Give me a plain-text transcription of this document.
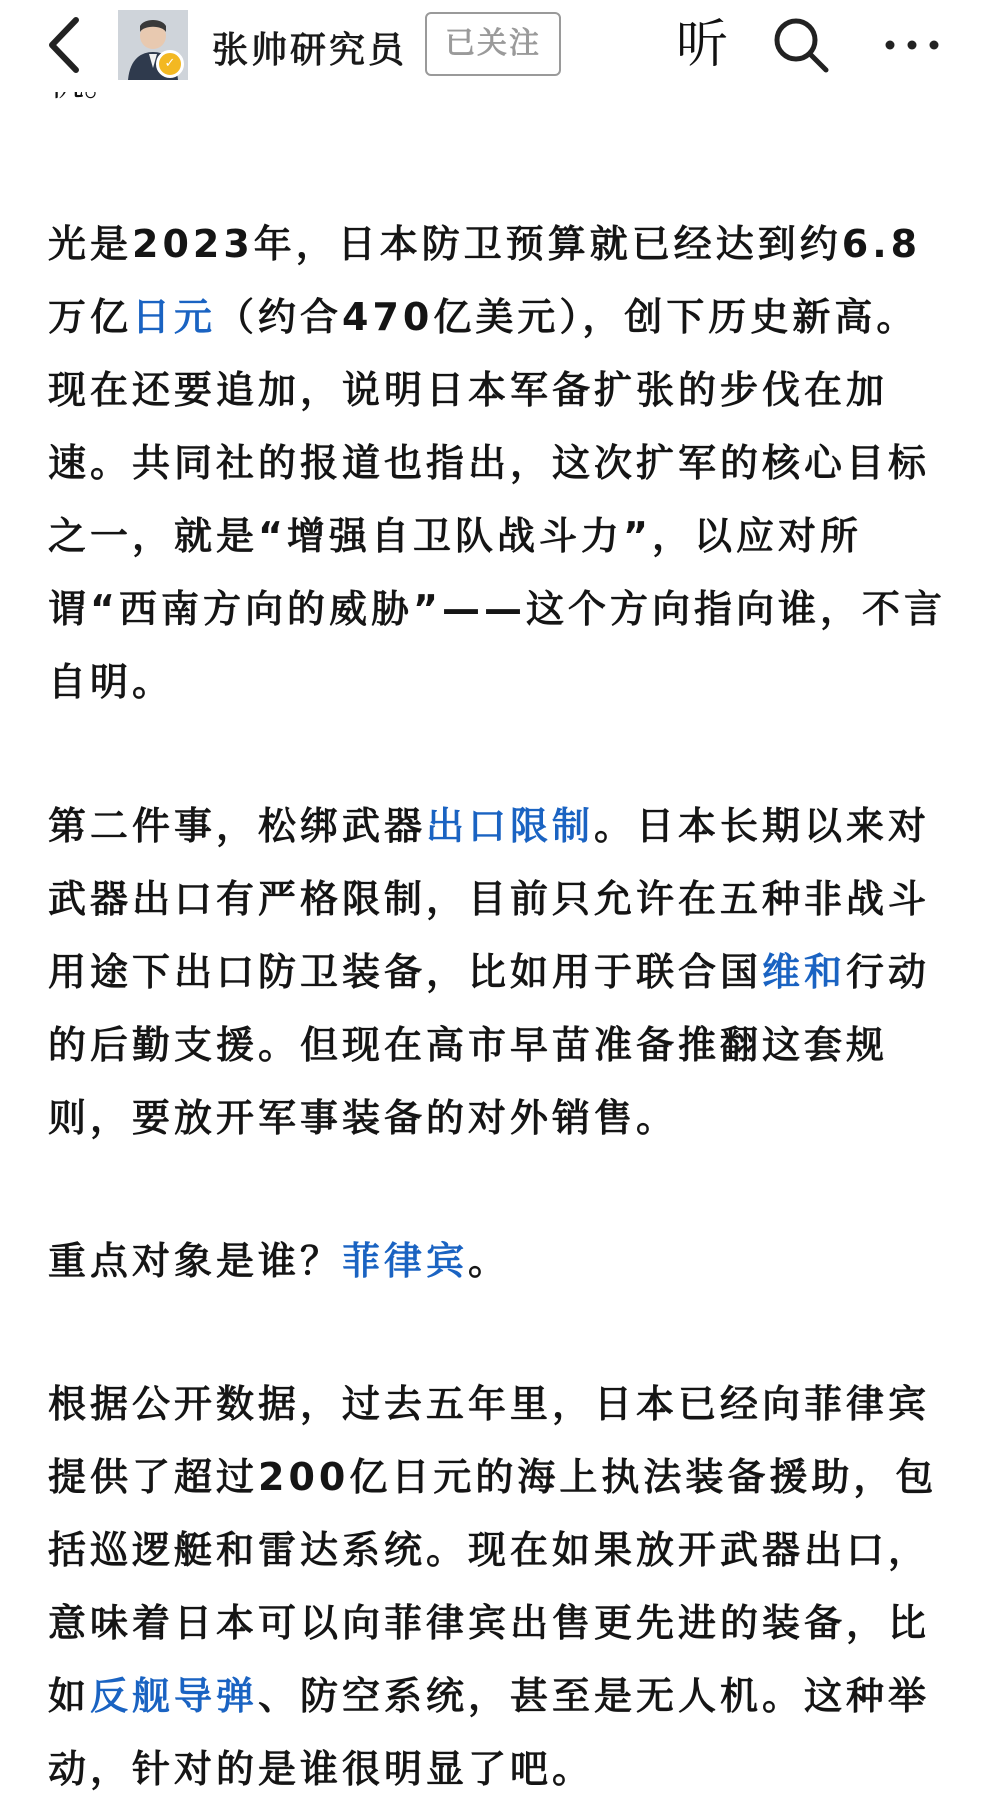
✓ 张帅研究员	已关注	听

光是2023年，日本防卫预算就已经达到约6.8万亿日元（约合470亿美元），创下历史新高。现在还要追加，说明日本军备扩张的步伐在加速。共同社的报道也指出，这次扩军的核心目标之一，就是“增强自卫队战斗力”，以应对所谓“西南方向的威胁”——这个方向指向谁，不言自明。

第二件事，松绑武器出口限制。日本长期以来对武器出口有严格限制，目前只允许在五种非战斗用途下出口防卫装备，比如用于联合国维和行动的后勤支援。但现在高市早苗准备推翻这套规则，要放开军事装备的对外销售。

重点对象是谁？菲律宾。

根据公开数据，过去五年里，日本已经向菲律宾提供了超过200亿日元的海上执法装备援助，包括巡逻艇和雷达系统。现在如果放开武器出口，意味着日本可以向菲律宾出售更先进的装备，比如反舰导弹、防空系统，甚至是无人机。这种举动，针对的是谁很明显了吧。
